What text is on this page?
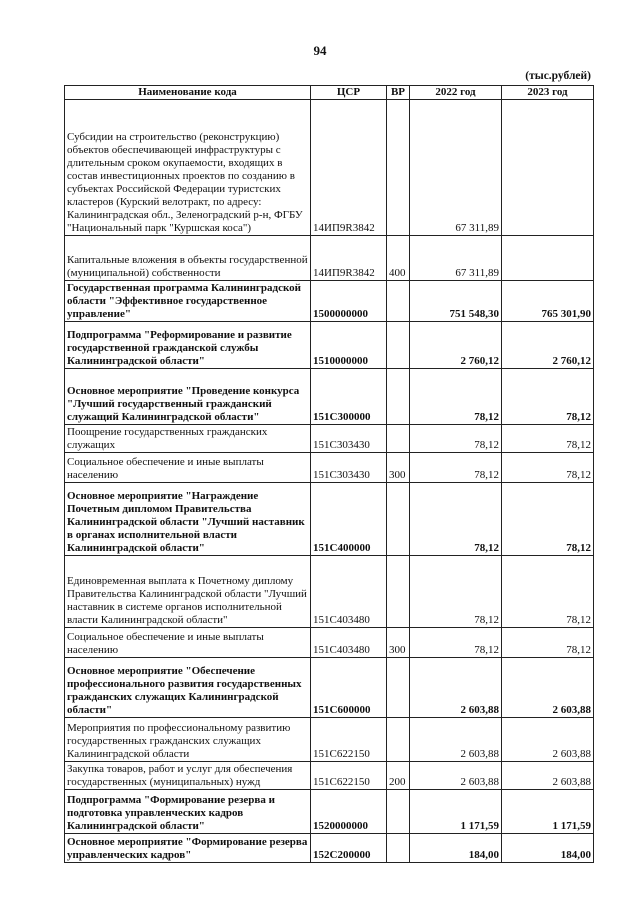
94
(тыс.рублей)
Наименование кода	ЦСР	ВР	2022 год	2023 год
Субсидии на строительство (реконструкцию) объектов обеспечивающей инфраструктуры с длительным сроком окупаемости, входящих в состав инвестиционных проектов по созданию в субъектах Российской Федерации туристских кластеров (Курский велотракт, по адресу: Калининградская обл., Зеленоградский р-н, ФГБУ "Национальный парк "Куршская коса")	14ИП9R3842		67 311,89	
Капитальные вложения в объекты государственной (муниципальной) собственности	14ИП9R3842	400	67 311,89	
Государственная программа Калининградской области "Эффективное государственное управление"	1500000000		751 548,30	765 301,90
Подпрограмма "Реформирование и развитие государственной гражданской службы Калининградской области"	1510000000		2 760,12	2 760,12
Основное мероприятие "Проведение конкурса "Лучший государственный гражданский служащий Калининградской области"	151С300000		78,12	78,12
Поощрение государственных гражданских служащих	151С303430		78,12	78,12
Социальное обеспечение и иные выплаты населению	151С303430	300	78,12	78,12
Основное мероприятие "Награждение Почетным дипломом Правительства Калининградской области "Лучший наставник в органах исполнительной власти Калининградской области"	151С400000		78,12	78,12
Единовременная выплата к Почетному диплому Правительства Калининградской области "Лучший наставник в системе органов исполнительной власти Калининградской области"	151С403480		78,12	78,12
Социальное обеспечение и иные выплаты населению	151С403480	300	78,12	78,12
Основное мероприятие "Обеспечение профессионального развития государственных гражданских служащих Калининградской области"	151С600000		2 603,88	2 603,88
Мероприятия по профессиональному развитию государственных гражданских служащих Калининградской области	151С622150		2 603,88	2 603,88
Закупка товаров, работ и услуг для обеспечения государственных (муниципальных) нужд	151С622150	200	2 603,88	2 603,88
Подпрограмма "Формирование резерва и подготовка управленческих кадров Калининградской области"	1520000000		1 171,59	1 171,59
Основное мероприятие "Формирование резерва управленческих кадров"	152С200000		184,00	184,00
